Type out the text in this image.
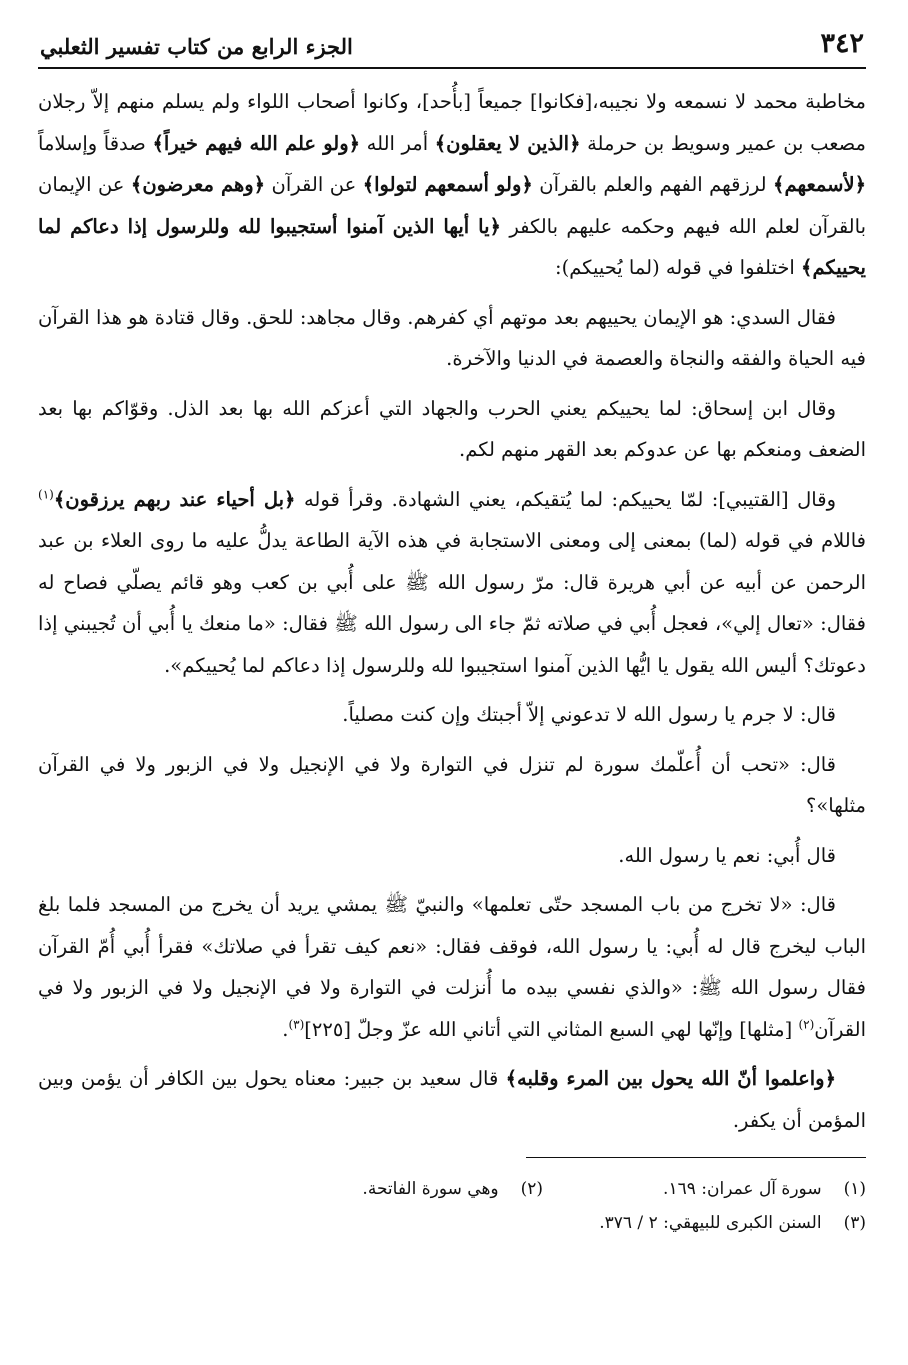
٣٤٢
الجزء الرابع من كتاب تفسير الثعلبي

مخاطبة محمد لا نسمعه ولا نجيبه،[فكانوا] جميعاً [بأُحد]، وكانوا أصحاب اللواء ولم يسلم منهم إلاّ رجلان مصعب بن عمير وسويط بن حرملة ﴿الذين لا يعقلون﴾ أمر الله ﴿ولو علم الله فيهم خيراً﴾ صدقاً وإسلاماً ﴿لأسمعهم﴾ لرزقهم الفهم والعلم بالقرآن ﴿ولو أسمعهم لتولوا﴾ عن القرآن ﴿وهم معرضون﴾ عن الإيمان بالقرآن لعلم الله فيهم وحكمه عليهم بالكفر ﴿يا أيها الذين آمنوا أستجيبوا لله وللرسول إذا دعاكم لما يحييكم﴾ اختلفوا في قوله (لما يُحييكم):

فقال السدي: هو الإيمان يحييهم بعد موتهم أي كفرهم. وقال مجاهد: للحق. وقال قتادة هو هذا القرآن فيه الحياة والفقه والنجاة والعصمة في الدنيا والآخرة.

وقال ابن إسحاق: لما يحييكم يعني الحرب والجهاد التي أعزكم الله بها بعد الذل. وقوّاكم بها بعد الضعف ومنعكم بها عن عدوكم بعد القهر منهم لكم.

وقال [القتيبي]: لمّا يحييكم: لما يُتقيكم، يعني الشهادة. وقرأ قوله ﴿بل أحياء عند ربهم يرزقون﴾$^{(١)}$ فاللام في قوله (لما) بمعنى إلى ومعنى الاستجابة في هذه الآية الطاعة يدلُّ عليه ما روى العلاء بن عبد الرحمن عن أبيه عن أبي هريرة قال: مرّ رسول الله ﷺ على أُبي بن كعب وهو قائم يصلّي فصاح له فقال: «تعال إلي»، فعجل أُبي في صلاته ثمّ جاء الى رسول الله ﷺ فقال: «ما منعك يا أُبي أن تُجيبني إذا دعوتك؟ أليس الله يقول يا ايُّها الذين آمنوا استجيبوا لله وللرسول إذا دعاكم لما يُحييكم».

قال: لا جرم يا رسول الله لا تدعوني إلاّ أجبتك وإن كنت مصلياً.

قال: «تحب أن أُعلّمك سورة لم تنزل في التوارة ولا في الإنجيل ولا في الزبور ولا في القرآن مثلها»؟

قال أُبي: نعم يا رسول الله.

قال: «لا تخرج من باب المسجد حتّى تعلمها» والنبيّ ﷺ يمشي يريد أن يخرج من المسجد فلما بلغ الباب ليخرج قال له أُبي: يا رسول الله، فوقف فقال: «نعم كيف تقرأ في صلاتك» فقرأ أُبي أُمّ القرآن فقال رسول الله ﷺ: «والذي نفسي بيده ما أُنزلت في التوارة ولا في الإنجيل ولا في الزبور ولا في القرآن$^{(٢)}$ [مثلها] وإنّها لهي السبع المثاني التي أتاني الله عزّ وجلّ [٢٢٥]$^{(٣)}$.

﴿واعلموا أنّ الله يحول بين المرء وقلبه﴾ قال سعيد بن جبير: معناه يحول بين الكافر أن يؤمن وبين المؤمن أن يكفر.

(١)سورة آل عمران: ١٦٩.
(٢)وهي سورة الفاتحة.
(٣)السنن الكبرى للبيهقي: ٢ / ٣٧٦.
